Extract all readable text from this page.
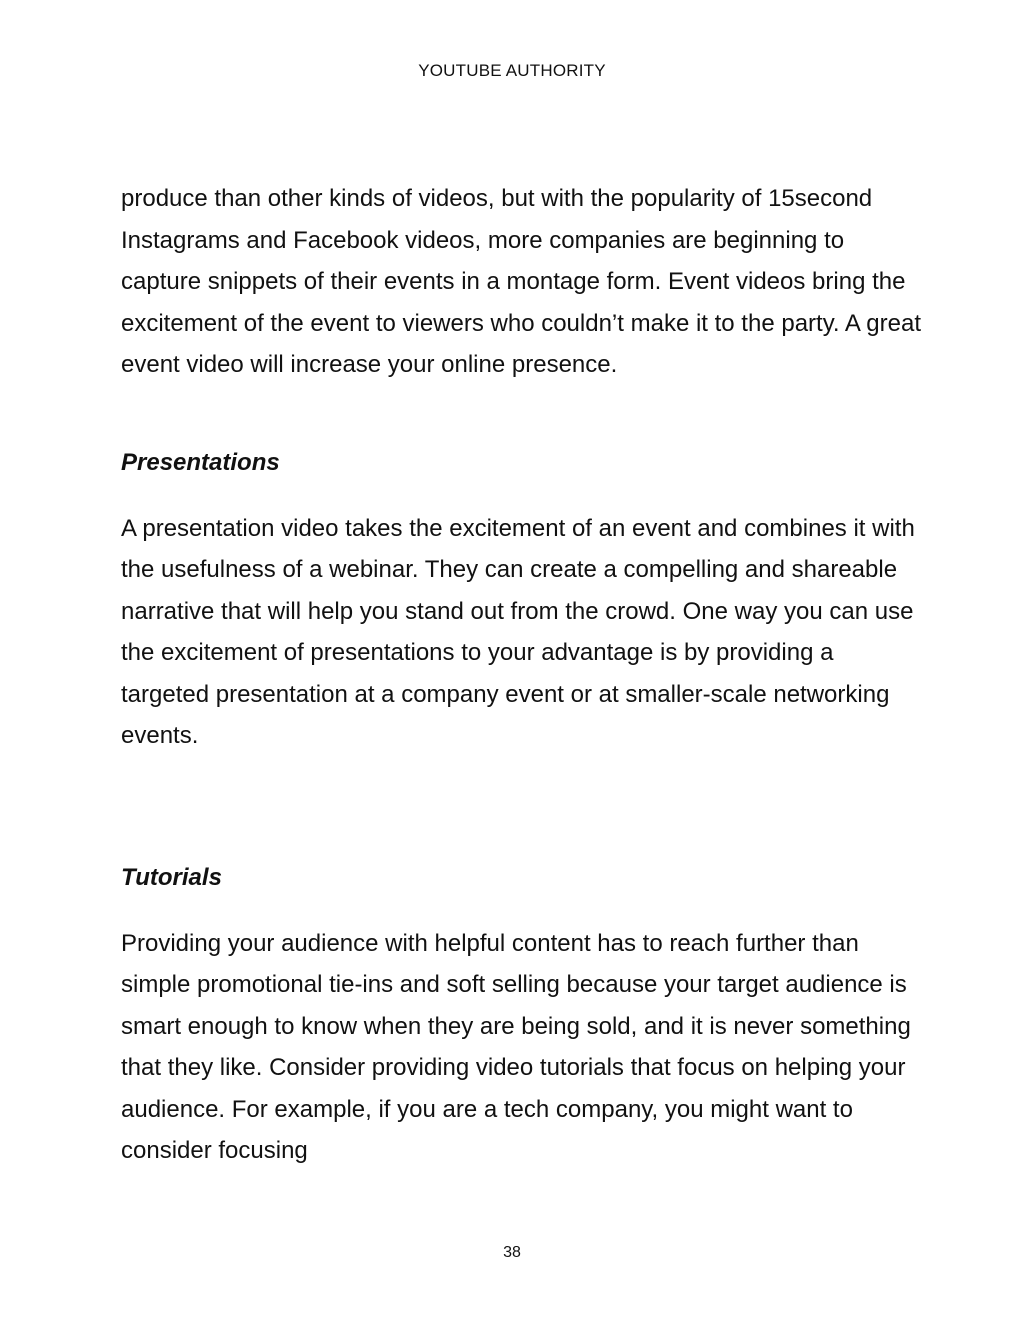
YOUTUBE AUTHORITY

produce than other kinds of videos, but with the popularity of 15second Instagrams and Facebook videos, more companies are beginning to capture snippets of their events in a montage form. Event videos bring the excitement of the event to viewers who couldn’t make it to the party. A great event video will increase your online presence.

Presentations

A presentation video takes the excitement of an event and combines it with the usefulness of a webinar. They can create a compelling and shareable narrative that will help you stand out from the crowd. One way you can use the excitement of presentations to your advantage is by providing a targeted presentation at a company event or at smaller-scale networking events.

Tutorials

Providing your audience with helpful content has to reach further than simple promotional tie-ins and soft selling because your target audience is smart enough to know when they are being sold, and it is never something that they like. Consider providing video tutorials that focus on helping your audience. For example, if you are a tech company, you might want to consider focusing

38
